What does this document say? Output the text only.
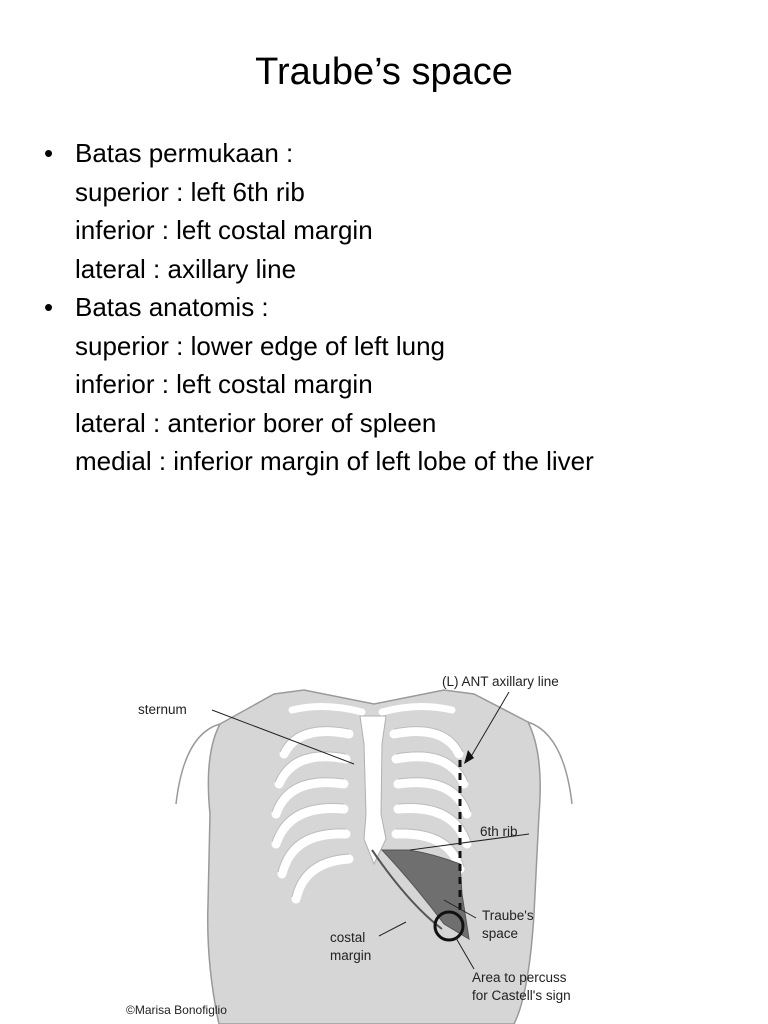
Traube’s space
• Batas permukaan :
superior : left 6th rib
inferior : left costal margin
lateral : axillary line
• Batas anatomis :
superior : lower edge of left lung
inferior : left costal margin
lateral : anterior borer of spleen
medial : inferior margin of left lobe of the liver
sternum
(L) ANT axillary line
6th rib
Traube's
space
costal
margin
Area to percuss
for Castell's sign
©Marisa Bonofiglio
